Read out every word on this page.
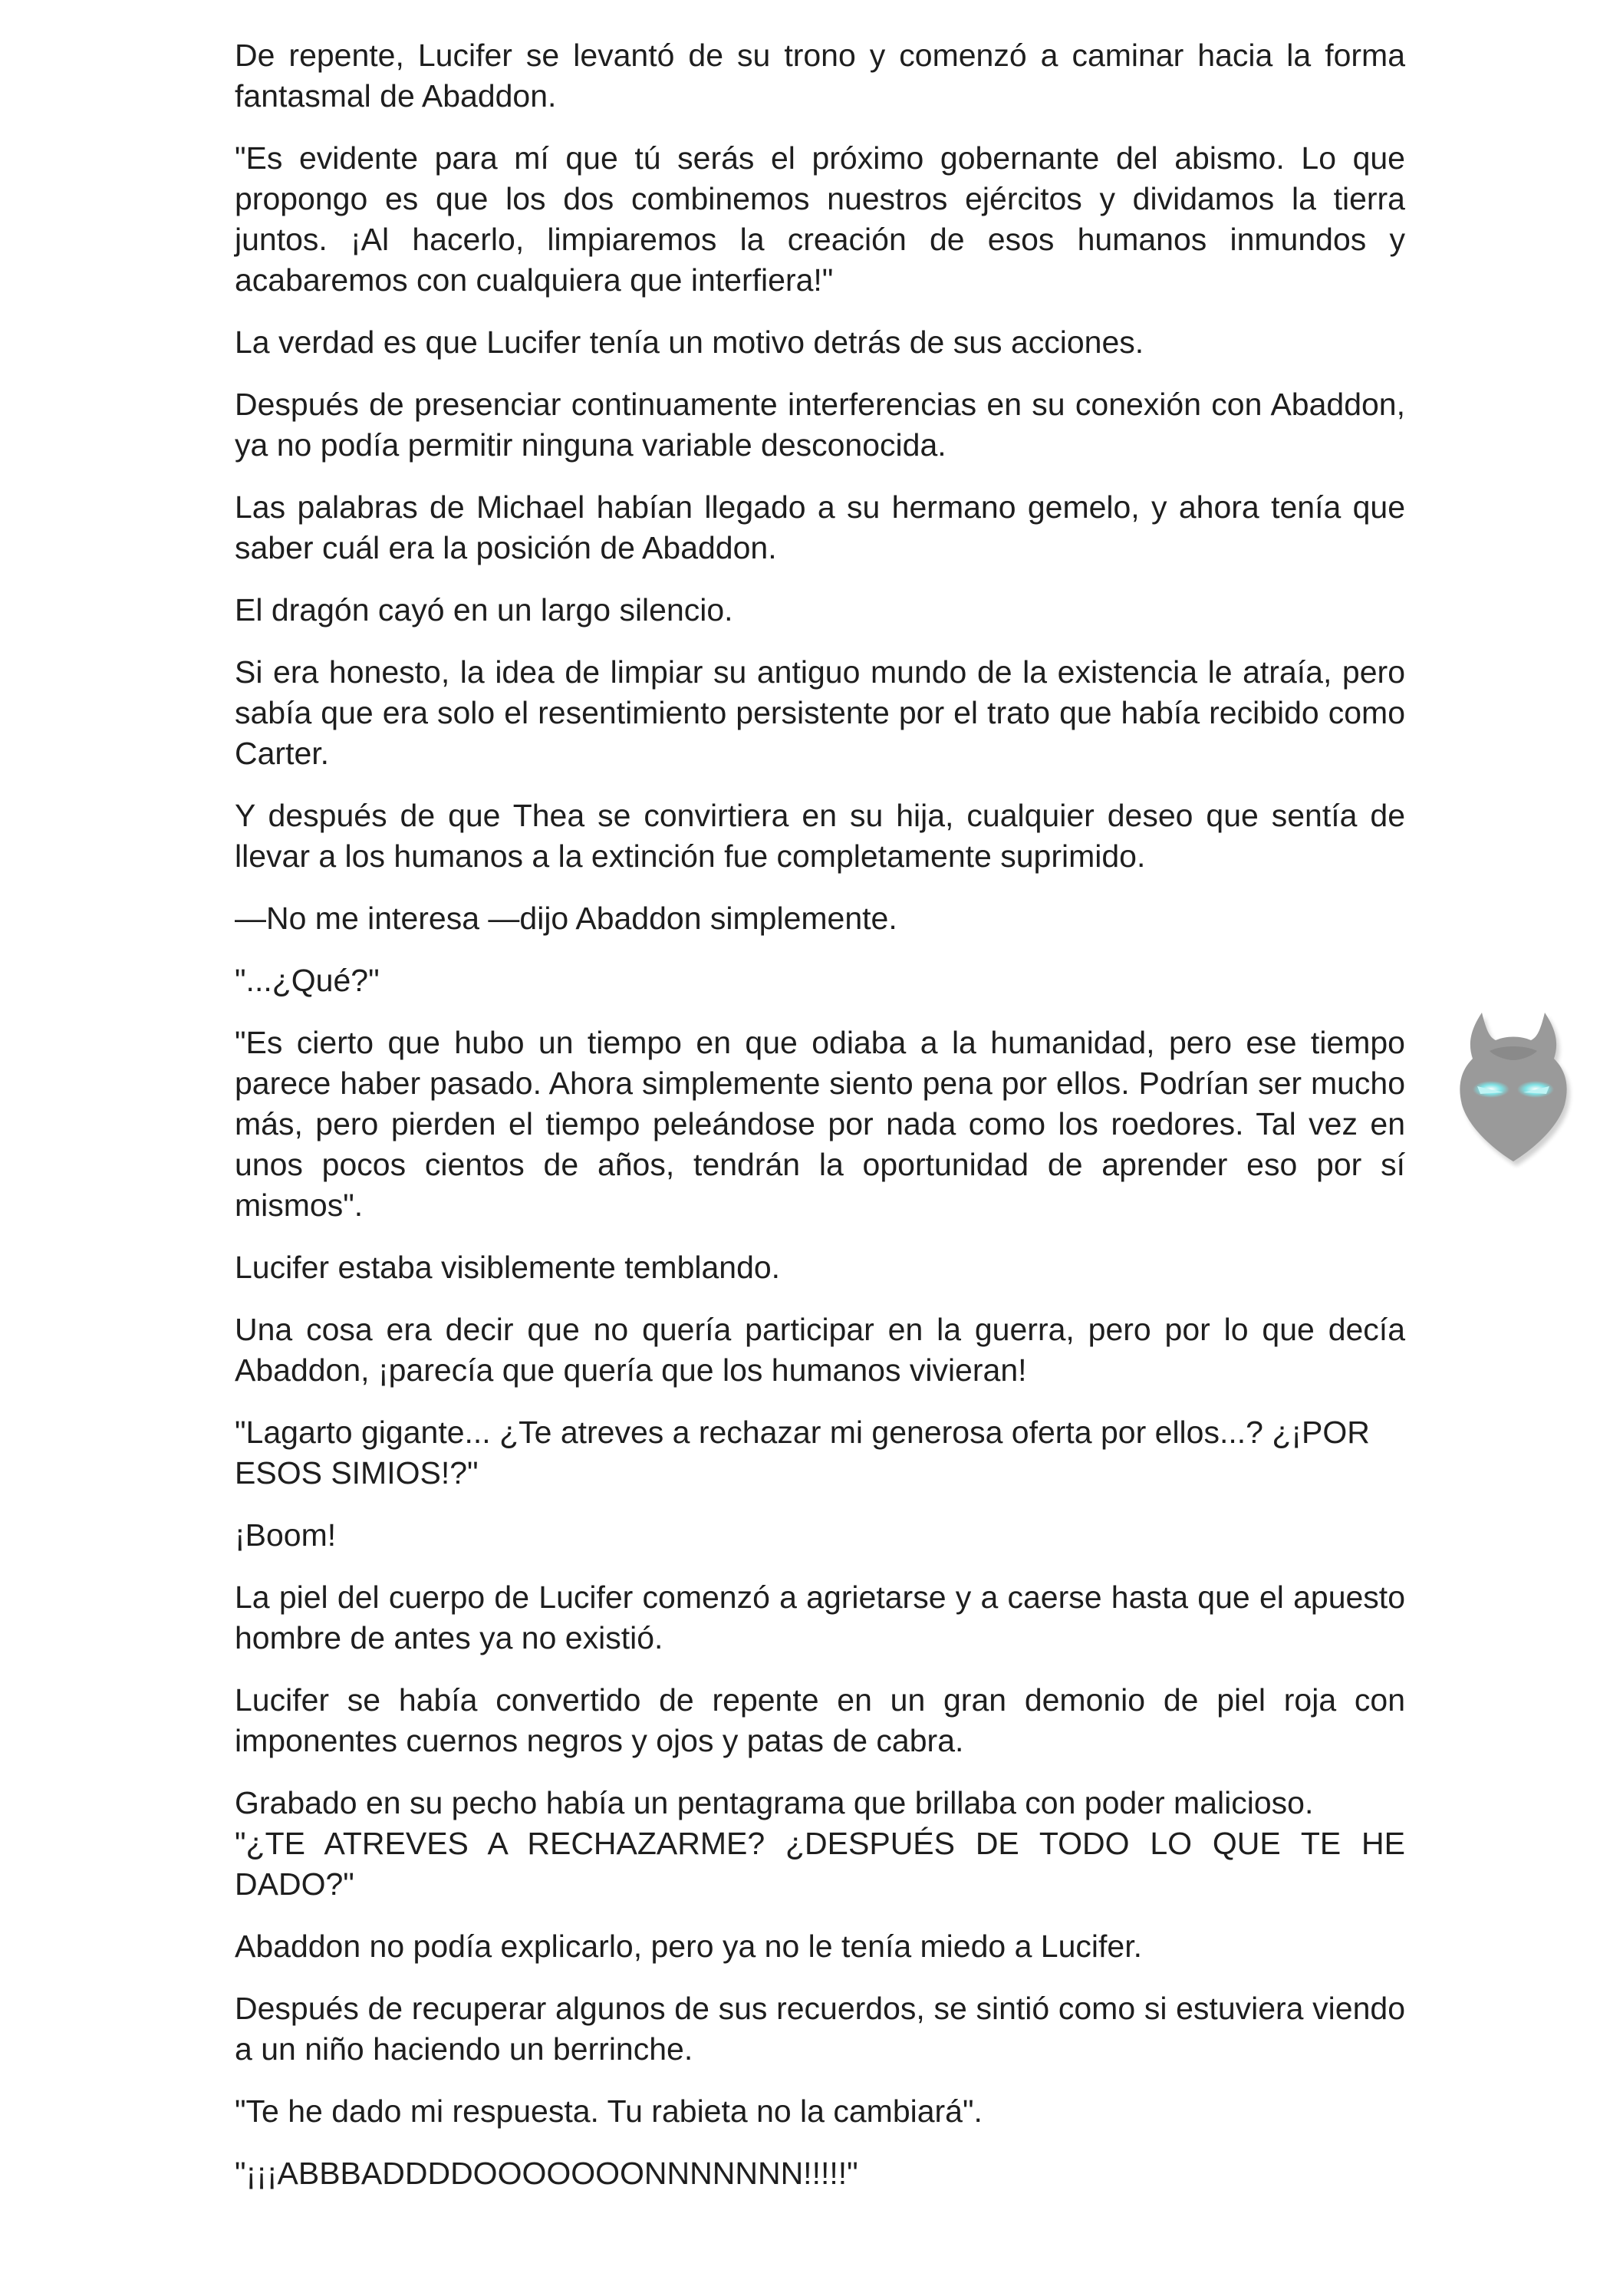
De repente, Lucifer se levantó de su trono y comenzó a caminar hacia la forma fantasmal de Abaddon.

"Es evidente para mí que tú serás el próximo gobernante del abismo. Lo que propongo es que los dos combinemos nuestros ejércitos y dividamos la tierra juntos. ¡Al hacerlo, limpiaremos la creación de esos humanos inmundos y acabaremos con cualquiera que interfiera!"

La verdad es que Lucifer tenía un motivo detrás de sus acciones.

Después de presenciar continuamente interferencias en su conexión con Abaddon, ya no podía permitir ninguna variable desconocida.

Las palabras de Michael habían llegado a su hermano gemelo, y ahora tenía que saber cuál era la posición de Abaddon.

El dragón cayó en un largo silencio.

Si era honesto, la idea de limpiar su antiguo mundo de la existencia le atraía, pero sabía que era solo el resentimiento persistente por el trato que había recibido como Carter.

Y después de que Thea se convirtiera en su hija, cualquier deseo que sentía de llevar a los humanos a la extinción fue completamente suprimido.

—No me interesa —dijo Abaddon simplemente.

"...¿Qué?"

"Es cierto que hubo un tiempo en que odiaba a la humanidad, pero ese tiempo parece haber pasado. Ahora simplemente siento pena por ellos. Podrían ser mucho más, pero pierden el tiempo peleándose por nada como los roedores. Tal vez en unos pocos cientos de años, tendrán la oportunidad de aprender eso por sí mismos".

Lucifer estaba visiblemente temblando.

Una cosa era decir que no quería participar en la guerra, pero por lo que decía Abaddon, ¡parecía que quería que los humanos vivieran!

"Lagarto gigante... ¿Te atreves a rechazar mi generosa oferta por ellos...? ¿¡POR ESOS SIMIOS!?"

¡Boom!

La piel del cuerpo de Lucifer comenzó a agrietarse y a caerse hasta que el apuesto hombre de antes ya no existió.

Lucifer se había convertido de repente en un gran demonio de piel roja con imponentes cuernos negros y ojos y patas de cabra.

Grabado en su pecho había un pentagrama que brillaba con poder malicioso.
"¿TE ATREVES A RECHAZARME? ¿DESPUÉS DE TODO LO QUE TE HE DADO?"

Abaddon no podía explicarlo, pero ya no le tenía miedo a Lucifer.

Después de recuperar algunos de sus recuerdos, se sintió como si estuviera viendo a un niño haciendo un berrinche.

"Te he dado mi respuesta. Tu rabieta no la cambiará".

"¡¡¡ABBBADDDDOOOOOOONNNNNNN!!!!!"
